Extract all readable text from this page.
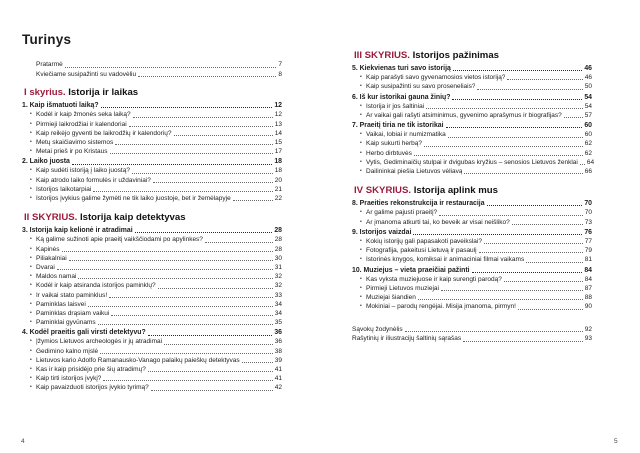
Turinys
Pratarmė	7
Kviečiame susipažinti su vadovėliu	8
I skyrius. Istorija ir laikas
1. Kaip išmatuoti laiką?	12
• Kodėl ir kaip žmonės seka laiką?	12
• Pirmieji laikrodžiai ir kalendoriai	13
• Kaip reikėjo gyventi be laikrodžių ir kalendorių?	14
• Metų skaičiavimo sistemos	15
• Metai prieš ir po Kristaus	17
2. Laiko juosta	18
• Kaip sudėti istoriją į laiko juostą?	18
• Kaip atrodo laiko formulės ir uždaviniai?	20
• Istorijos laikotarpiai	21
• Istorijos įvykius galime žymėti ne tik laiko juostoje, bet ir žemėlapyje	22
II SKYRIUS. Istorija kaip detektyvas
3. Istorija kaip kelionė ir atradimai	28
• Ką galime sužinoti apie praeitį vaikščiodami po apylinkes?	28
• Kapinės	28
• Piliakalniai	30
• Dvarai	31
• Maldos namai	32
• Kodėl ir kaip atsiranda istorijos paminklų?	32
• Ir vaikai stato paminklus!	33
• Paminklas laisvei	34
• Paminklas drąsiam vaikui	34
• Paminklai gyvūnams	35
4. Kodėl praeitis gali virsti detektyvu?	36
• Įžymios Lietuvos archeologės ir jų atradimai	36
• Gedimino kalno mįslė	38
• Lietuvos kario Adolfo Ramanausko-Vanago palaikų paieškų detektyvas	39
• Kas ir kaip prisidėjo prie šių atradimų?	41
• Kaip tirti istorijos įvykį?	41
• Kaip pavaizduoti istorijos įvykio tyrimą?	42
III SKYRIUS. Istorijos pažinimas
5. Kiekvienas turi savo istoriją	46
• Kaip parašyti savo gyvenamosios vietos istoriją?	46
• Kaip susipažinti su savo proseneliais?	50
6. Iš kur istorikai gauna žinių?	54
• Istorija ir jos šaltiniai	54
• Ar vaikai gali rašyti atsiminimus, gyvenimo aprašymus ir biografijas?	57
7. Praeitį tiria ne tik istorikai	60
• Vaikai, lobiai ir numizmatika	60
• Kaip sukurti herbą?	62
• Herbo dirbtuvės	62
• Vytis, Gediminaičių stulpai ir dvigubas kryžius – senosios Lietuvos ženklai 64
• Dailininkai piešia Lietuvos vėliavą	66
IV SKYRIUS. Istorija aplink mus
8. Praeities rekonstrukcija ir restauracija	70
• Ar galime pajusti praeitį?	70
• Ar įmanoma atkurti tai, ko beveik ar visai neišliko?	73
9. Istorijos vaizdai	76
• Kokių istorijų gali papasakoti paveikslai?	77
• Fotografija, pakeitusi Lietuvą ir pasaulį	79
• Istorinės knygos, komiksai ir animaciniai filmai vaikams	81
10. Muziejus – vieta praeičiai pažinti	84
• Kas vyksta muziejuose ir kaip surengti parodą?	84
• Pirmieji Lietuvos muziejai	87
• Muziejai šiandien	88
• Mokiniai – parodų rengėjai. Misija įmanoma, pirmyn!	90
Sąvokų žodynėlis	92
Rašytinių ir iliustracijų šaltinių sąrašas	93
4	5
